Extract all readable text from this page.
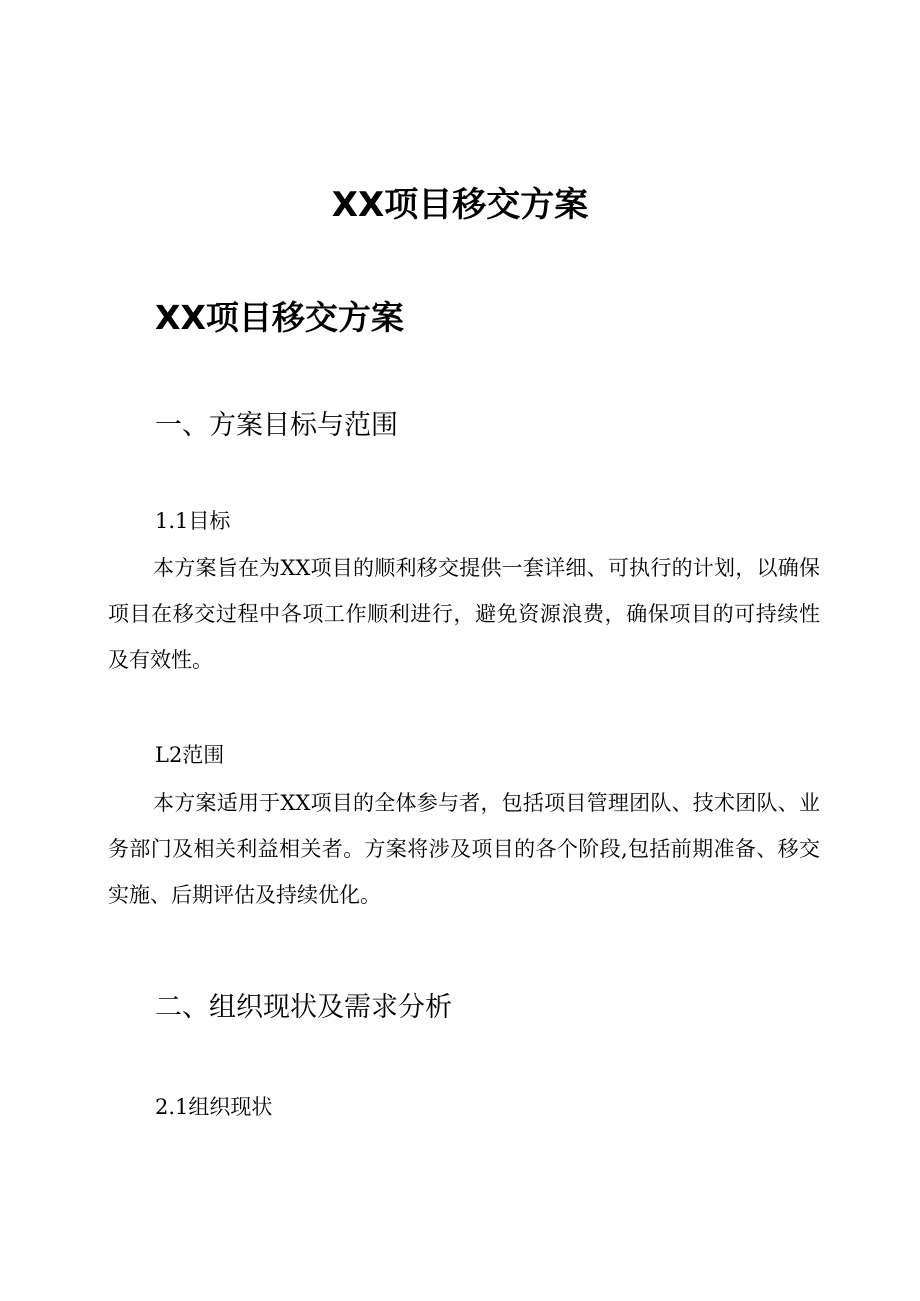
XX项目移交方案
XX项目移交方案
一、方案目标与范围
1.1目标

本方案旨在为XX项目的顺利移交提供一套详细、可执行的计划，以确保项目在移交过程中各项工作顺利进行，避免资源浪费，确保项目的可持续性及有效性。

L2范围

本方案适用于XX项目的全体参与者，包括项目管理团队、技术团队、业务部门及相关利益相关者。方案将涉及项目的各个阶段,包括前期准备、移交实施、后期评估及持续优化。

二、组织现状及需求分析
2.1组织现状
